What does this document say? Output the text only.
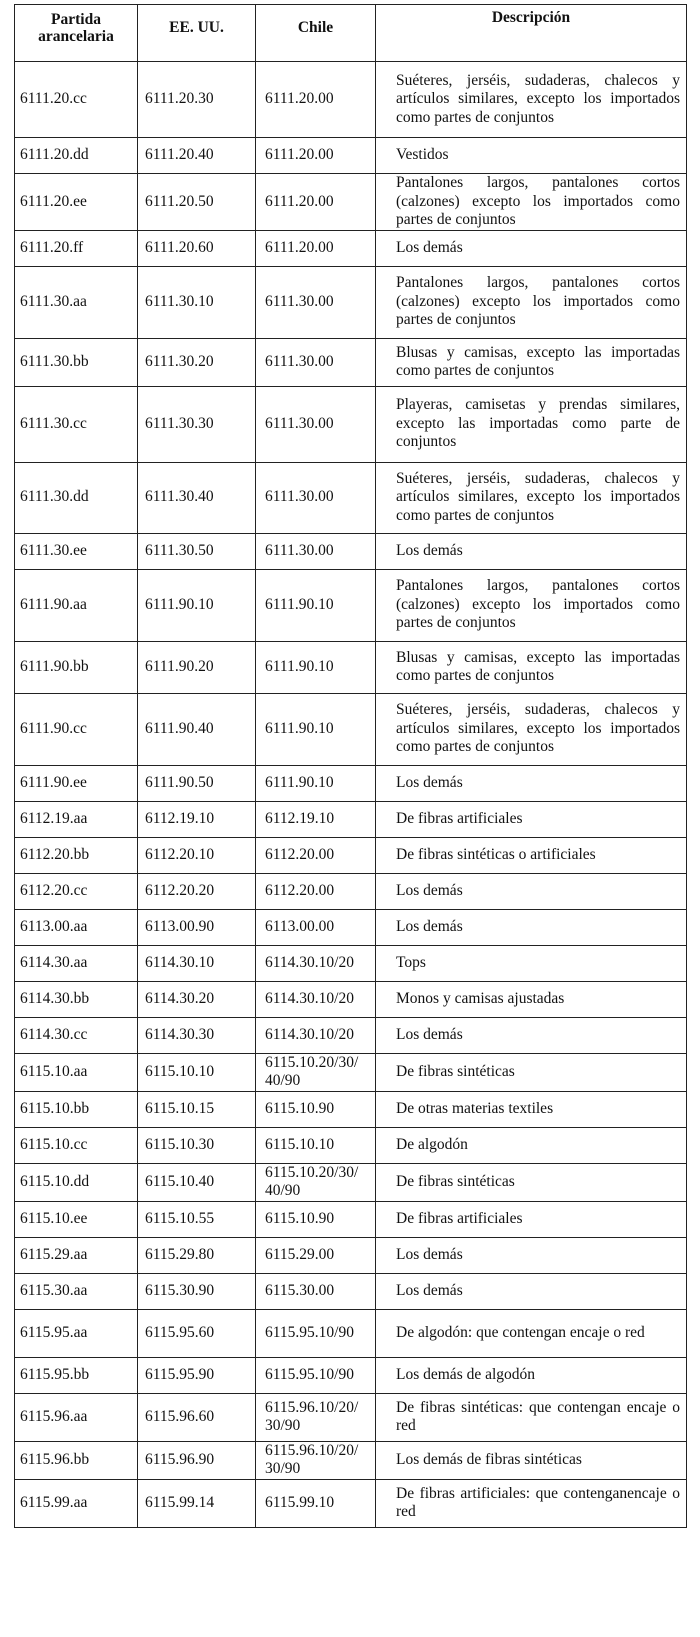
Partida arancelaria	EE. UU.	Chile	Descripción
6111.20.cc	6111.20.30	6111.20.00	Suéteres, jerséis, sudaderas, chalecos y artículos similares, excepto los importados como partes de conjuntos
6111.20.dd	6111.20.40	6111.20.00	Vestidos
6111.20.ee	6111.20.50	6111.20.00	Pantalones largos, pantalones cortos (calzones) excepto los importados como partes de conjuntos
6111.20.ff	6111.20.60	6111.20.00	Los demás
6111.30.aa	6111.30.10	6111.30.00	Pantalones largos, pantalones cortos (calzones) excepto los importados como partes de conjuntos
6111.30.bb	6111.30.20	6111.30.00	Blusas y camisas, excepto las importadas como partes de conjuntos
6111.30.cc	6111.30.30	6111.30.00	Playeras, camisetas y prendas similares, excepto las importadas como parte de conjuntos
6111.30.dd	6111.30.40	6111.30.00	Suéteres, jerséis, sudaderas, chalecos y artículos similares, excepto los importados como partes de conjuntos
6111.30.ee	6111.30.50	6111.30.00	Los demás
6111.90.aa	6111.90.10	6111.90.10	Pantalones largos, pantalones cortos (calzones) excepto los importados como partes de conjuntos
6111.90.bb	6111.90.20	6111.90.10	Blusas y camisas, excepto las importadas como partes de conjuntos
6111.90.cc	6111.90.40	6111.90.10	Suéteres, jerséis, sudaderas, chalecos y artículos similares, excepto los importados como partes de conjuntos
6111.90.ee	6111.90.50	6111.90.10	Los demás
6112.19.aa	6112.19.10	6112.19.10	De fibras artificiales
6112.20.bb	6112.20.10	6112.20.00	De fibras sintéticas o artificiales
6112.20.cc	6112.20.20	6112.20.00	Los demás
6113.00.aa	6113.00.90	6113.00.00	Los demás
6114.30.aa	6114.30.10	6114.30.10/20	Tops
6114.30.bb	6114.30.20	6114.30.10/20	Monos y camisas ajustadas
6114.30.cc	6114.30.30	6114.30.10/20	Los demás
6115.10.aa	6115.10.10	6115.10.20/30/ 40/90	De fibras sintéticas
6115.10.bb	6115.10.15	6115.10.90	De otras materias textiles
6115.10.cc	6115.10.30	6115.10.10	De algodón
6115.10.dd	6115.10.40	6115.10.20/30/ 40/90	De fibras sintéticas
6115.10.ee	6115.10.55	6115.10.90	De fibras artificiales
6115.29.aa	6115.29.80	6115.29.00	Los demás
6115.30.aa	6115.30.90	6115.30.00	Los demás
6115.95.aa	6115.95.60	6115.95.10/90	De algodón: que contengan encaje o red
6115.95.bb	6115.95.90	6115.95.10/90	Los demás de algodón
6115.96.aa	6115.96.60	6115.96.10/20/ 30/90	De fibras sintéticas: que contengan encaje o red
6115.96.bb	6115.96.90	6115.96.10/20/ 30/90	Los demás de fibras sintéticas
6115.99.aa	6115.99.14	6115.99.10	De fibras artificiales: que contenganencaje o red
